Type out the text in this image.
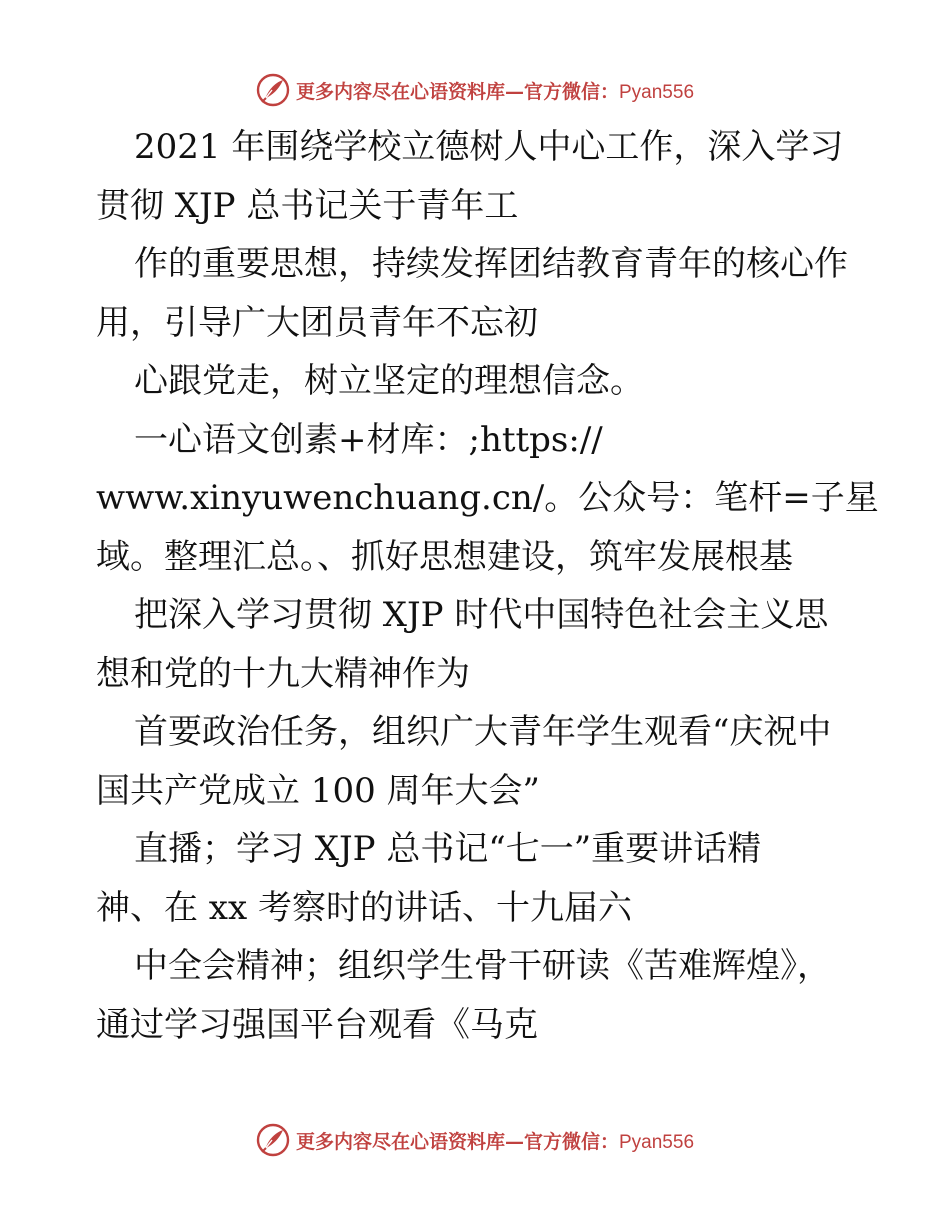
更多内容尽在心语资料库—官方微信：Pyan556
2021 年围绕学校立德树人中心工作，深入学习
贯彻 XJP 总书记关于青年工
作的重要思想，持续发挥团结教育青年的核心作
用，引导广大团员青年不忘初
心跟党走，树立坚定的理想信念。
一心语文创素+材库：;https://
www.xinyuwenchuang.cn/。公众号：笔杆=子星
域。整理汇总。、抓好思想建设，筑牢发展根基
把深入学习贯彻 XJP 时代中国特色社会主义思
想和党的十九大精神作为
首要政治任务，组织广大青年学生观看“庆祝中
国共产党成立 100 周年大会”
直播；学习 XJP 总书记“七一”重要讲话精
神、在 xx 考察时的讲话、十九届六
中全会精神；组织学生骨干研读《苦难辉煌》，
通过学习强国平台观看《马克
更多内容尽在心语资料库—官方微信：Pyan556
